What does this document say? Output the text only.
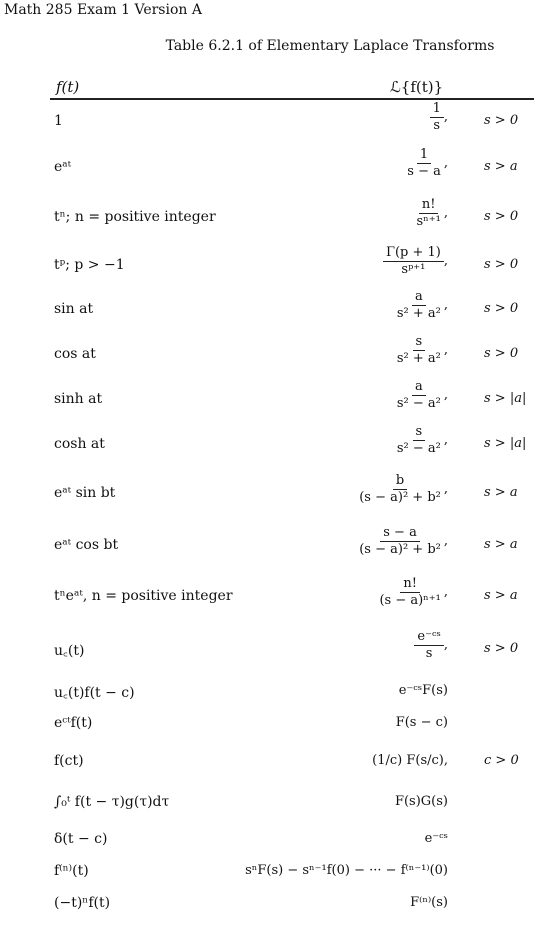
Math 285 Exam 1 Version A
Table 6.2.1 of Elementary Laplace Transforms
f(t)	ℒ{f(t)}
1	$\frac{1}{s}$ ,	s > 0
eᵃᵗ	$\frac{1}{s - a}$ ,	s > a
tⁿ; n = positive integer	$\frac{n!}{\text{sⁿ⁺¹}}$ ,	s > 0
tᵖ; p > −1	$\frac{\Gamma(p + 1)}{\text{sᵖ⁺¹}}$ ,	s > 0
sin at	$\frac{a}{\text{s² + a²}}$ ,	s > 0
cos at	$\frac{s}{\text{s² + a²}}$ ,	s > 0
sinh at	$\frac{a}{\text{s² − a²}}$ ,	s > |a|
cosh at	$\frac{s}{\text{s² − a²}}$ ,	s > |a|
eᵃᵗ sin bt	$\frac{b}{\text{(s − a)² + b²}}$ ,	s > a
eᵃᵗ cos bt	$\frac{s - a}{\text{(s − a)² + b²}}$ ,	s > a
tⁿeᵃᵗ, n = positive integer	$\frac{n!}{\text{(s − a)ⁿ⁺¹}}$ ,	s > a
u꜀(t)	$\frac{\text{e⁻ᶜˢ}}{s}$ ,	s > 0
u꜀(t)f(t − c)	e⁻ᶜˢF(s)
eᶜᵗf(t)	F(s − c)
f(ct)	(1/c) F(s/c),	c > 0
∫₀ᵗ f(t − τ)g(τ)dτ	F(s)G(s)
δ(t − c)	e⁻ᶜˢ
f⁽ⁿ⁾(t)	sⁿF(s) − sⁿ⁻¹f(0) − ··· − f⁽ⁿ⁻¹⁾(0)
(−t)ⁿf(t)	F⁽ⁿ⁾(s)
